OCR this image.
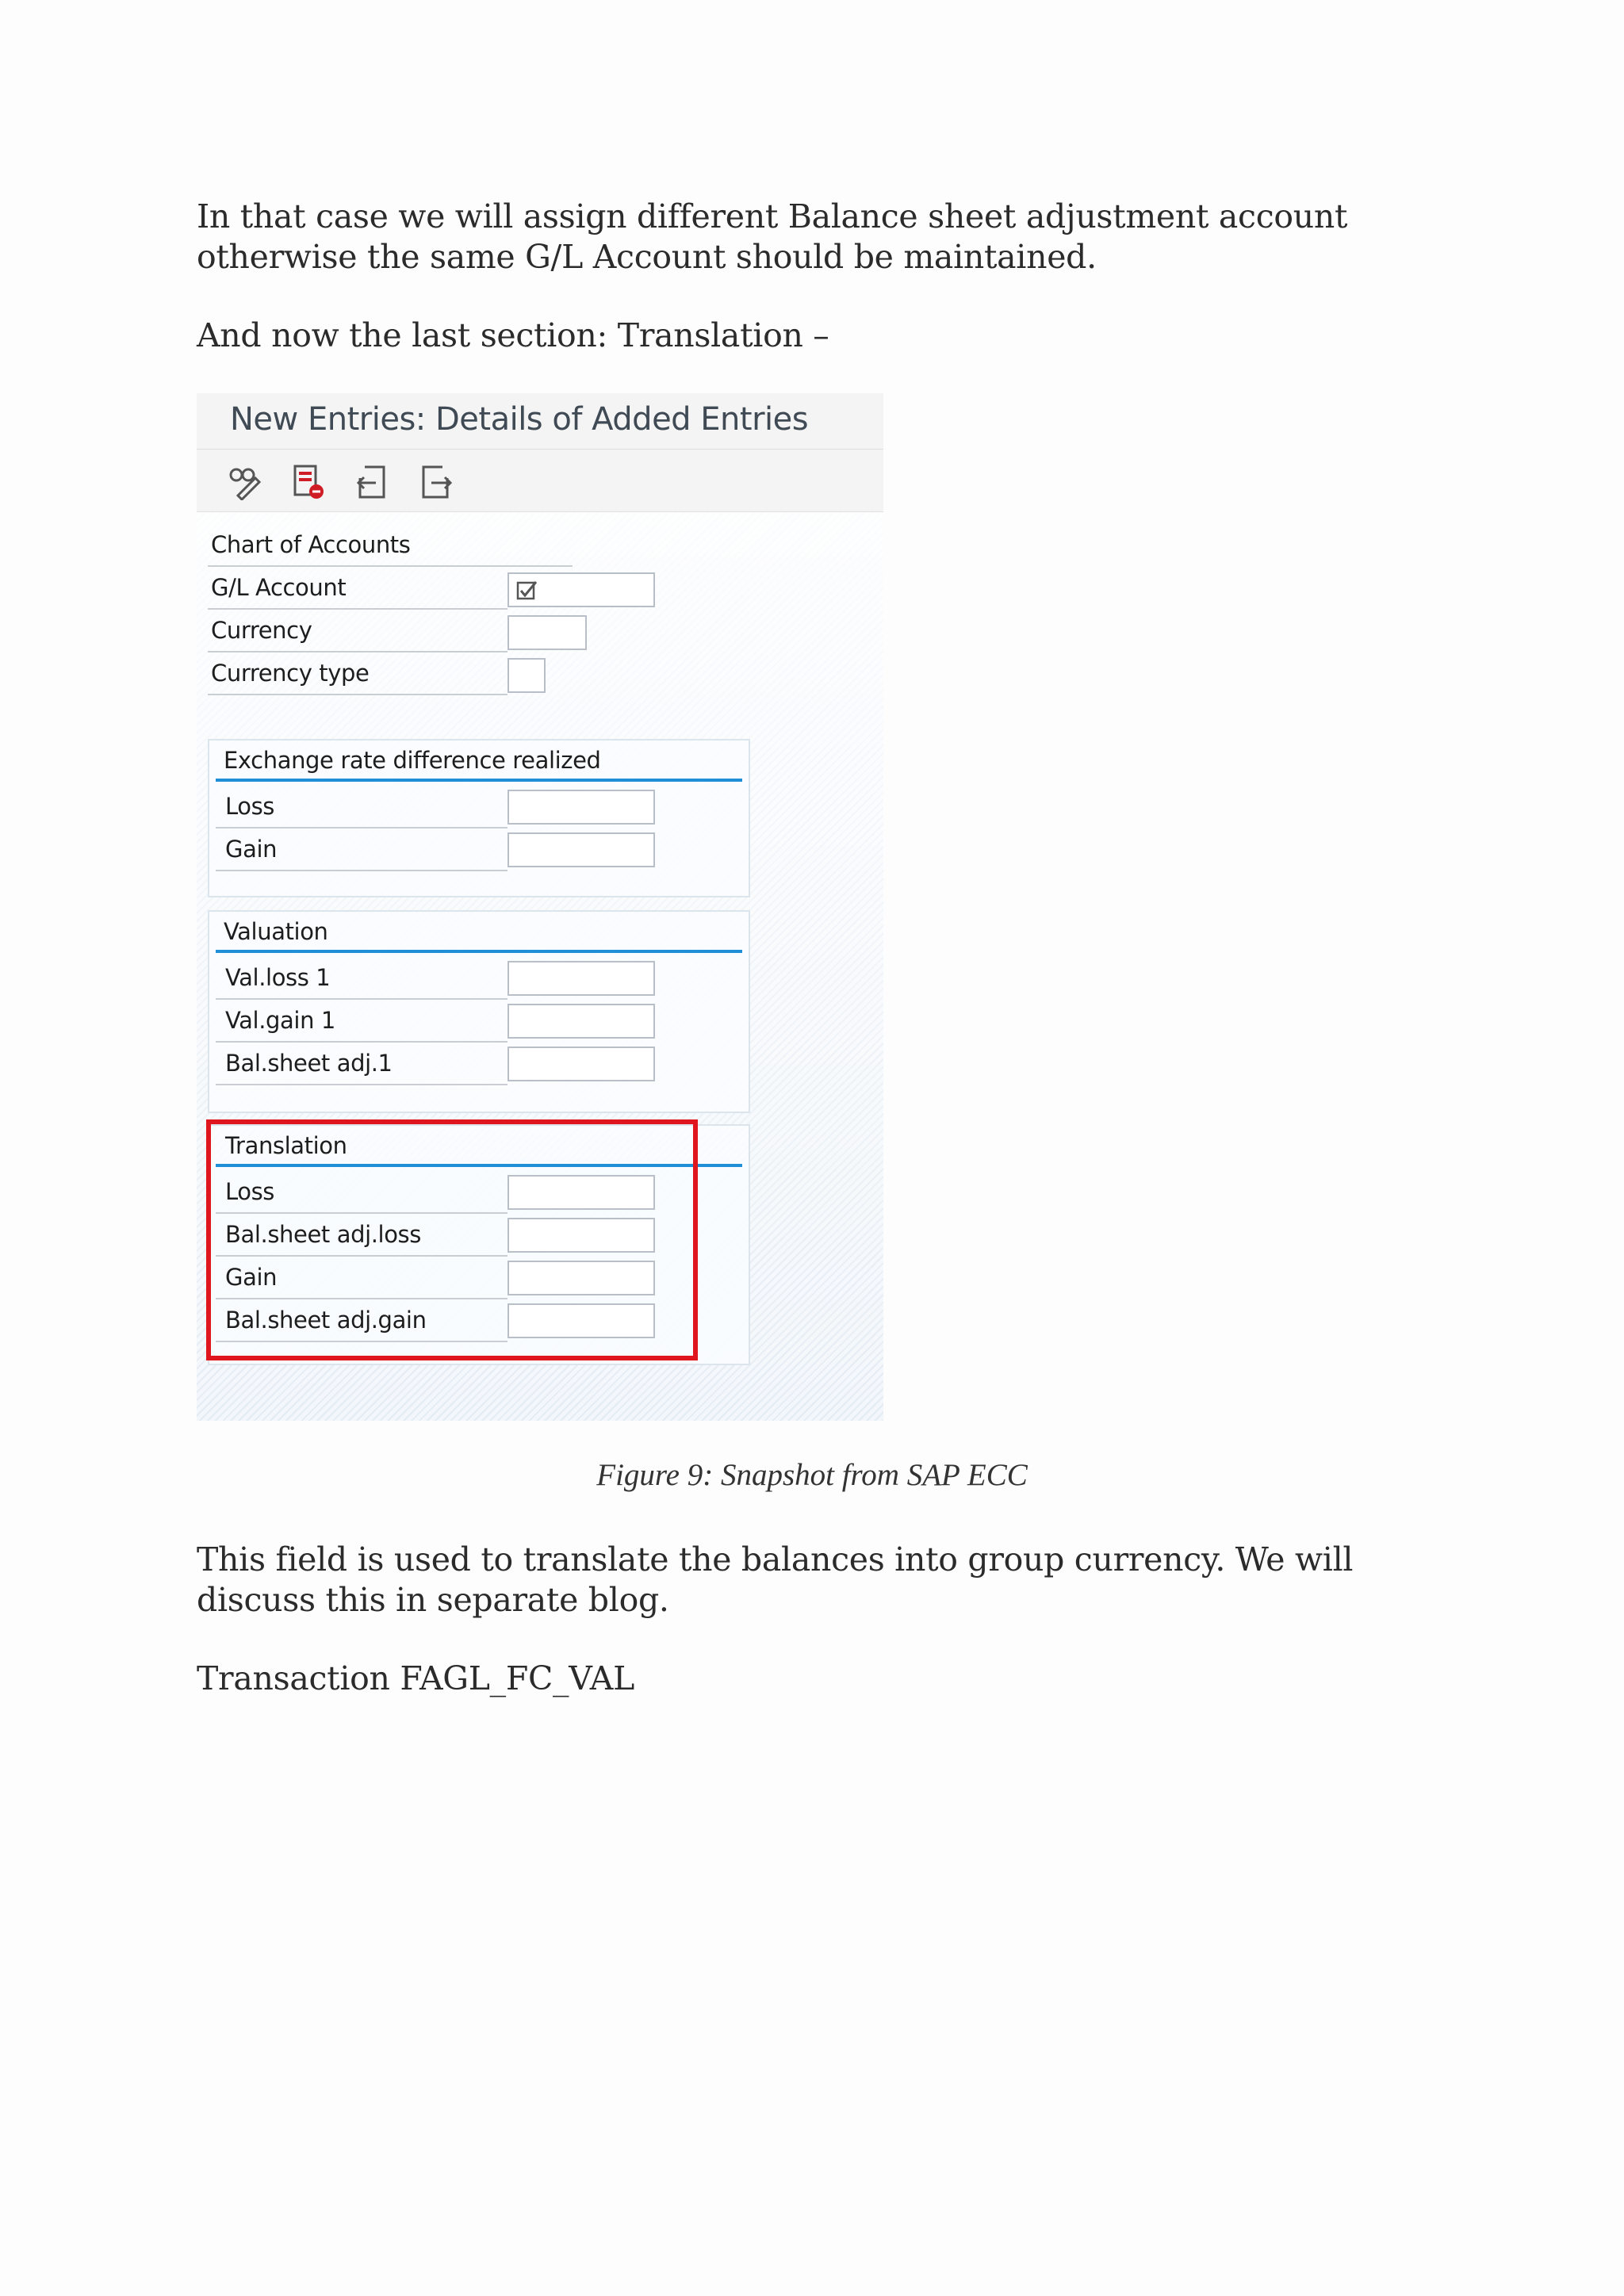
In that case we will assign different Balance sheet adjustment account otherwise the same G/L Account should be maintained.

And now the last section: Translation –

New Entries: Details of Added Entries
Chart of Accounts
G/L Account
Currency
Currency type
Exchange rate difference realized
Loss
Gain
Valuation
Val.loss 1
Val.gain 1
Bal.sheet adj.1
Translation
Loss
Bal.sheet adj.loss
Gain
Bal.sheet adj.gain
Figure 9: Snapshot from SAP ECC

This field is used to translate the balances into group currency. We will discuss this in separate blog.

Transaction FAGL_FC_VAL
